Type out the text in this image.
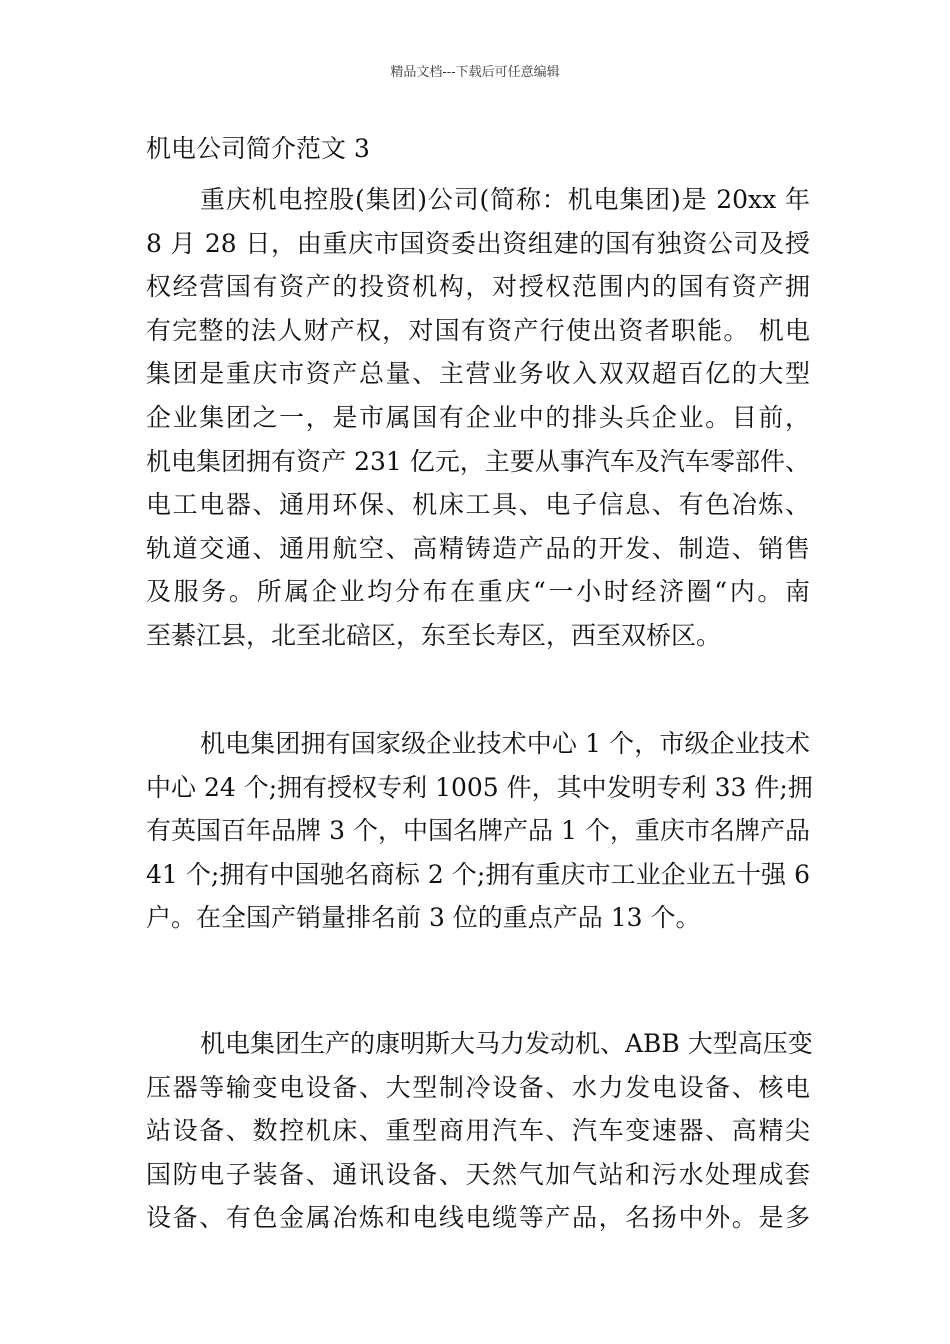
精品文档---下载后可任意编辑
机电公司简介范文 3
重庆机电控股(集团)公司(简称：机电集团)是 20xx 年
8 月 28 日，由重庆市国资委出资组建的国有独资公司及授
权经营国有资产的投资机构，对授权范围内的国有资产拥
有完整的法人财产权，对国有资产行使出资者职能。 机电
集团是重庆市资产总量、主营业务收入双双超百亿的大型
企业集团之一，是市属国有企业中的排头兵企业。目前，
机电集团拥有资产 231 亿元，主要从事汽车及汽车零部件、
电工电器、通用环保、机床工具、电子信息、有色冶炼、
轨道交通、通用航空、高精铸造产品的开发、制造、销售
及服务。所属企业均分布在重庆“一小时经济圈“内。南
至綦江县，北至北碚区，东至长寿区，西至双桥区。
机电集团拥有国家级企业技术中心 1 个，市级企业技术
中心 24 个;拥有授权专利 1005 件，其中发明专利 33 件;拥
有英国百年品牌 3 个，中国名牌产品 1 个，重庆市名牌产品
41 个;拥有中国驰名商标 2 个;拥有重庆市工业企业五十强 6
户。在全国产销量排名前 3 位的重点产品 13 个。
机电集团生产的康明斯大马力发动机、ABB 大型高压变
压器等输变电设备、大型制冷设备、水力发电设备、核电
站设备、数控机床、重型商用汽车、汽车变速器、高精尖
国防电子装备、通讯设备、天然气加气站和污水处理成套
设备、有色金属冶炼和电线电缆等产品，名扬中外。是多
